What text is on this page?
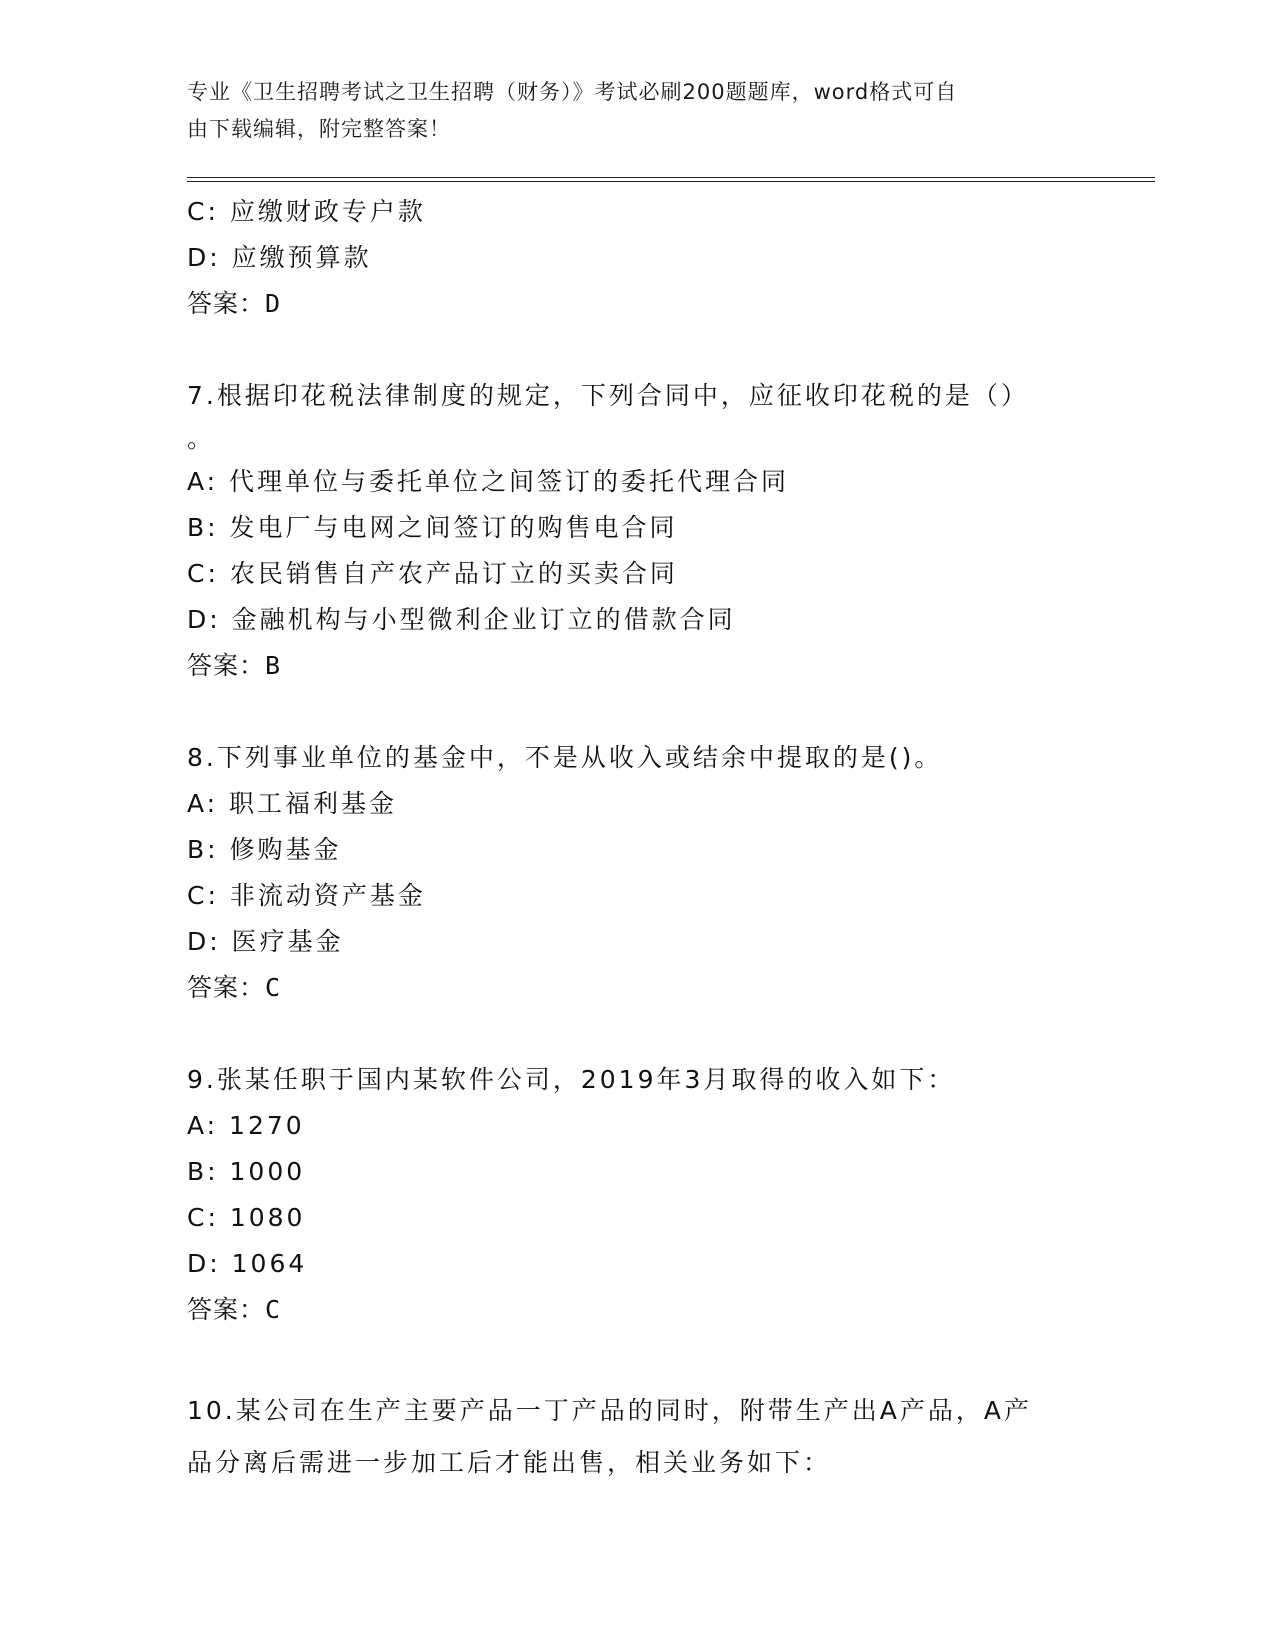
专业《卫生招聘考试之卫生招聘（财务）》考试必刷200题题库，word格式可自
由下载编辑，附完整答案！
C: 应缴财政专户款
D: 应缴预算款
答案：D
7.根据印花税法律制度的规定，下列合同中，应征收印花税的是（）
。
A: 代理单位与委托单位之间签订的委托代理合同
B: 发电厂与电网之间签订的购售电合同
C: 农民销售自产农产品订立的买卖合同
D: 金融机构与小型微利企业订立的借款合同
答案：B
8.下列事业单位的基金中，不是从收入或结余中提取的是()。
A: 职工福利基金
B: 修购基金
C: 非流动资产基金
D: 医疗基金
答案：C
9.张某任职于国内某软件公司，2019年3月取得的收入如下：
A: 1270
B: 1000
C: 1080
D: 1064
答案：C
10.某公司在生产主要产品一丁产品的同时，附带生产出A产品，A产
品分离后需进一步加工后才能出售，相关业务如下：
